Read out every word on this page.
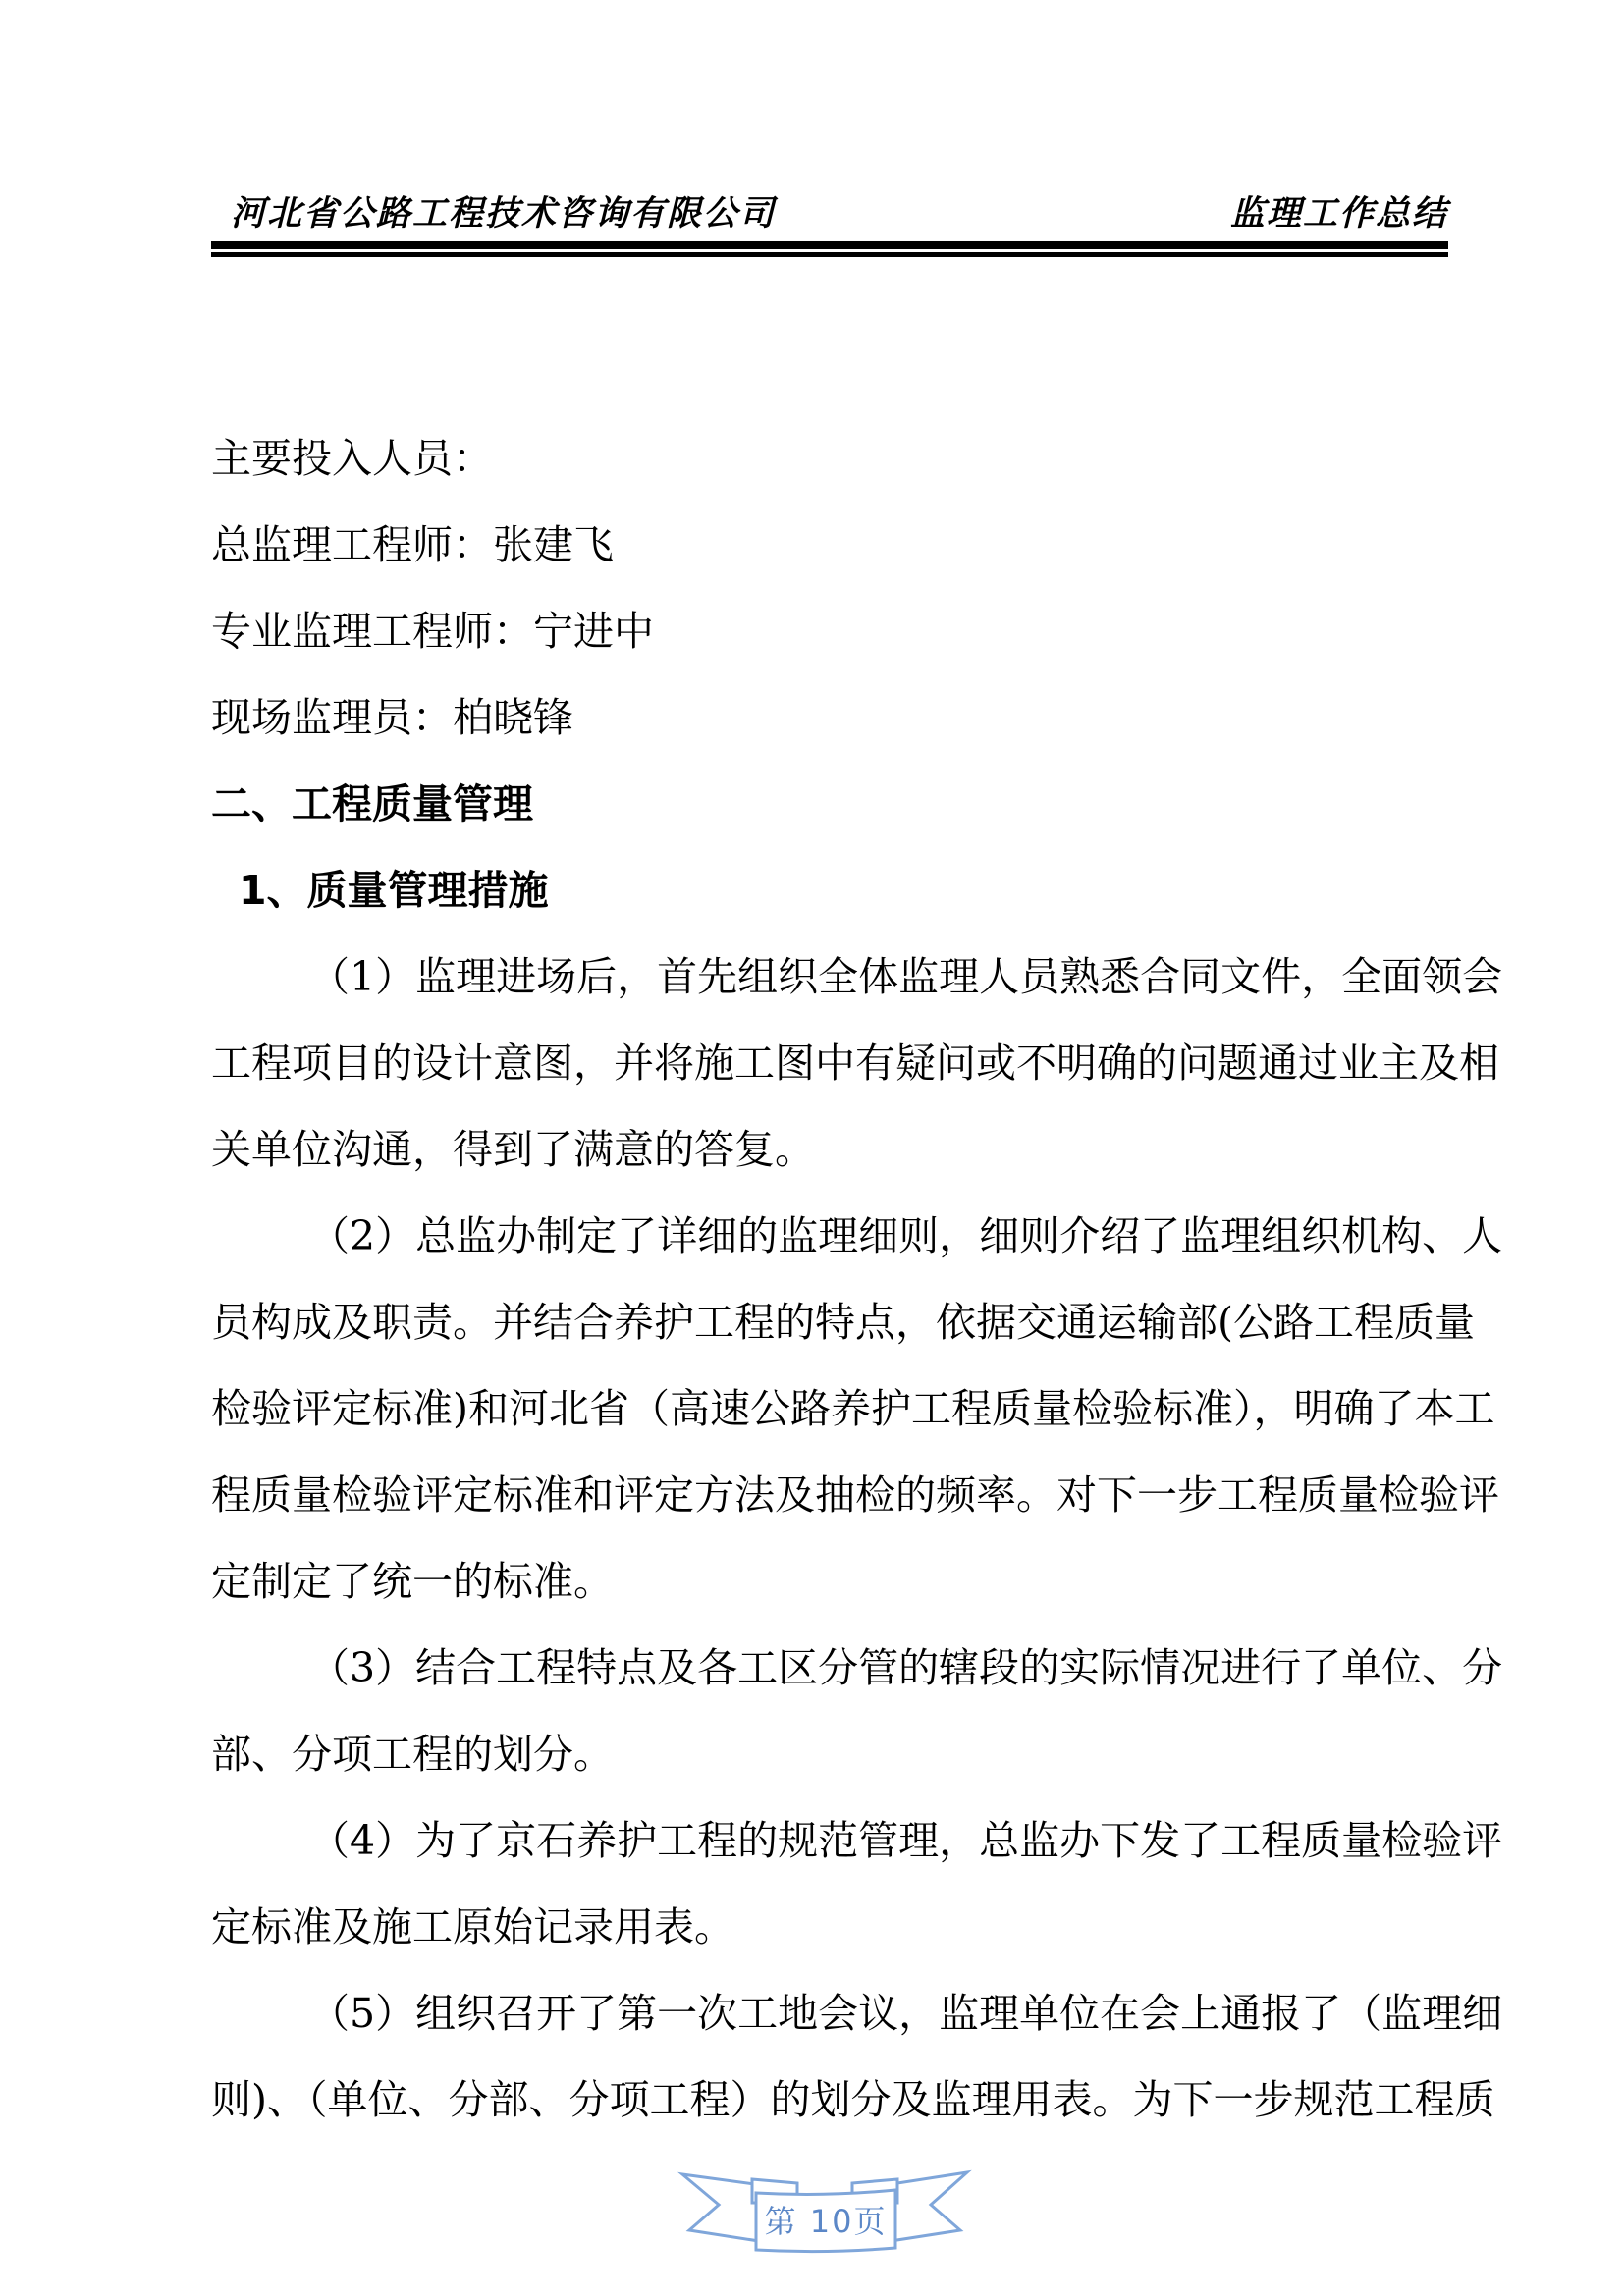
河北省公路工程技术咨询有限公司	监理工作总结
主要投入人员：
总监理工程师：张建飞
专业监理工程师：宁进中
现场监理员：柏晓锋
二、工程质量管理
1、质量管理措施
（1）监理进场后，首先组织全体监理人员熟悉合同文件，全面领会
工程项目的设计意图，并将施工图中有疑问或不明确的问题通过业主及相
关单位沟通，得到了满意的答复。
（2）总监办制定了详细的监理细则，细则介绍了监理组织机构、人
员构成及职责。并结合养护工程的特点，依据交通运输部(公路工程质量
检验评定标准)和河北省（高速公路养护工程质量检验标准），明确了本工
程质量检验评定标准和评定方法及抽检的频率。对下一步工程质量检验评
定制定了统一的标准。
（3）结合工程特点及各工区分管的辖段的实际情况进行了单位、分
部、分项工程的划分。
（4）为了京石养护工程的规范管理，总监办下发了工程质量检验评
定标准及施工原始记录用表。
（5）组织召开了第一次工地会议，监理单位在会上通报了（监理细
则)、（单位、分部、分项工程）的划分及监理用表。为下一步规范工程质
第 10页
